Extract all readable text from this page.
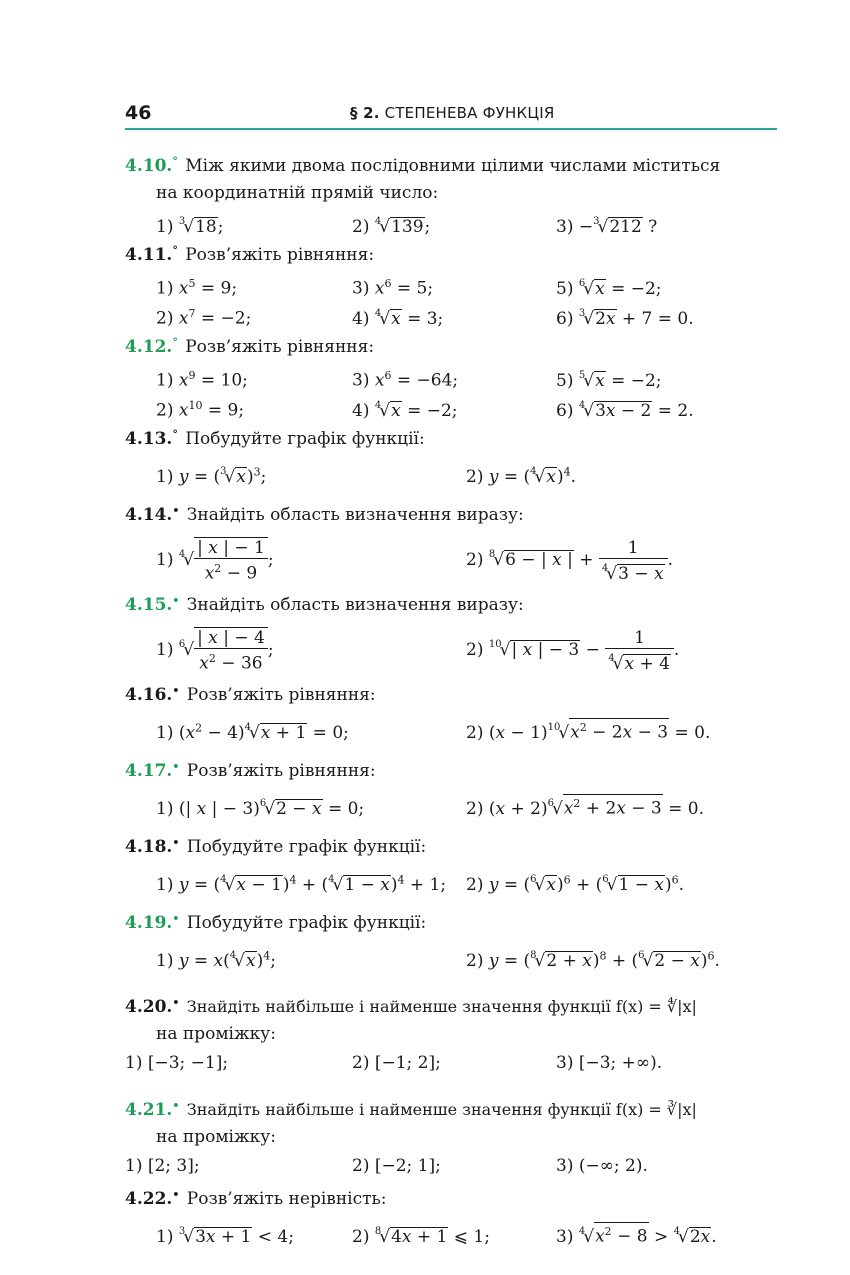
46	§ 2. СТЕПЕНЕВА ФУНКЦІЯ
4.10.° Між якими двома послідовними цілими числами міститься
на координатній прямій число:
1) $^3$√18;	2) $^4$√139;	3) −$^3$√212 ?
4.11.° Розв’яжіть рівняння:
1) $x^5 = 9$;	3) $x^6 = 5$;	5) $^6$√x = −2;
2) $x^7 = -2$;	4) $^4$√x = 3;	6) $^3$√2x + 7 = 0.
4.12.° Розв’яжіть рівняння:
1) $x^9 = 10$;	3) $x^6 = -64$;	5) $^5$√x = −2;
2) $x^{10} = 9$;	4) $^4$√x = −2;	6) $^4$√3x − 2 = 2.
4.13.° Побудуйте графік функції:
1) $y = (^3√x)^3$;	2) $y = (^4√x)^4$.
4.14.• Знайдіть область визначення виразу:
1) $^4√ \frac{| x | - 1}{x^2 - 9}$ ;	2) $^8$√6 − | x | + $\frac{1}{^4√3 - x}$ .
4.15.• Знайдіть область визначення виразу:
1) $^6√ \frac{| x | - 4}{x^2 - 36}$ ;	2) $^{10}$√| x | − $3 - \frac{1}{^4√x + 4}$ .
4.16.• Розв’яжіть рівняння:
1) $(x^2 - 4)^4√x + 1 = 0$;	2) $(x - 1)^{10}√x^2 - 2x - 3 = 0$.
4.17.• Розв’яжіть рівняння:
1) (| x | − 3)$^6$√2 − x = 0;	2) $(x + 2)^6√x^2 + 2x - 3 = 0$.
4.18.• Побудуйте графік функції:
1) $y = (^4√x - 1)^4 + (^4√1 - x)^4 + 1$; 2) $y = (^6√x)^6 + (^6√1 - x)^6$.
4.19.• Побудуйте графік функції:
1) $y = x(^4√x)^4$;	2) $y = (^8√2 + x)^8 + (^6√2 - x)^6$.
4.20.• Знайдіть найбільше і найменше значення функції f(x) = ∜|x|
на проміжку:
1) [−3; −1];	2) [−1; 2];	3) [−3; +∞).
4.21.• Знайдіть найбільше і найменше значення функції f(x) = ∛|x|
на проміжку:
1) [2; 3];	2) [−2; 1];	3) (−∞; 2).
4.22.• Розв’яжіть нерівність:
1) $^3$√3x + 1 < 4;	2) $^8$√4x + 1 ⩽ 1;	3) $^4√x^2 - 8 > ^4√2x$.
